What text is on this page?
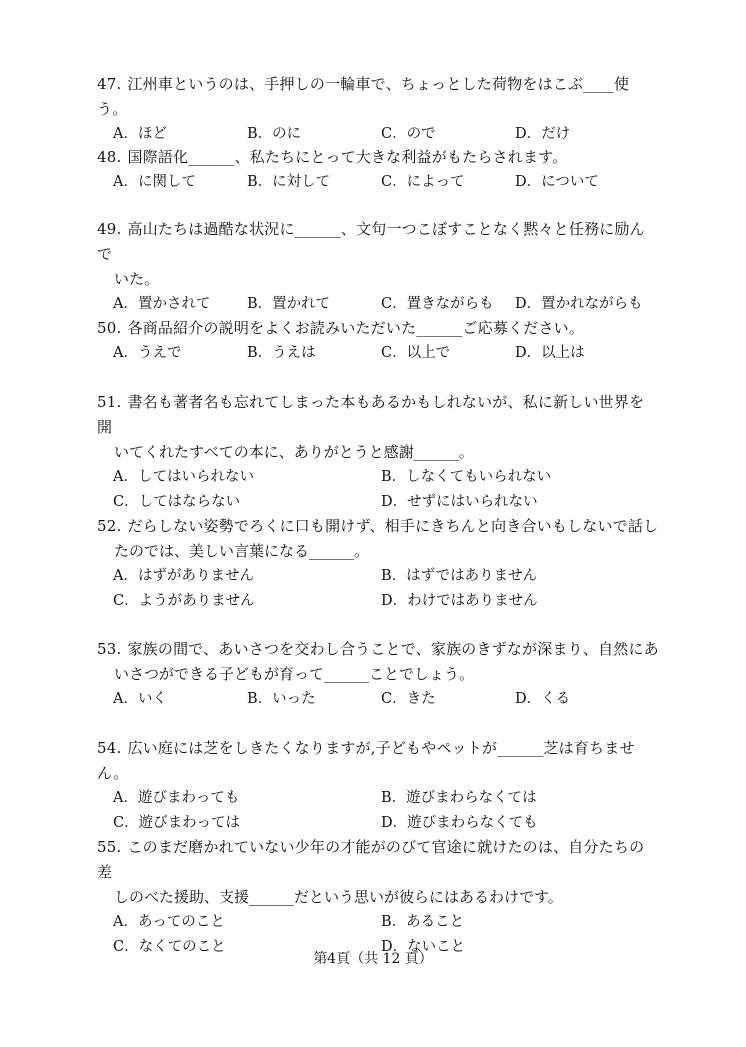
47. 江州車というのは、手押しの一輪車で、ちょっとした荷物をはこぶ____使う。
A．ほど	B．のに	C．ので	D．だけ
48. 国際語化______、私たちにとって大きな利益がもたらされます。
A．に関して	B．に対して	C．によって	D．について
49. 高山たちは過酷な状況に______、文句一つこぼすことなく黙々と任務に励んで
いた。
A．置かされて	B．置かれて	C．置きながらも	D．置かれながらも
50. 各商品紹介の説明をよくお読みいただいた______ご応募ください。
A．うえで	B．うえは	C．以上で	D．以上は
51. 書名も著者名も忘れてしまった本もあるかもしれないが、私に新しい世界を開
いてくれたすべての本に、ありがとうと感謝______。
A．してはいられない	B．しなくてもいられない
C．してはならない	D．せずにはいられない
52. だらしない姿勢でろくに口も開けず、相手にきちんと向き合いもしないで話し
たのでは、美しい言葉になる______。
A．はずがありません	B．はずではありません
C．ようがありません	D．わけではありません
53. 家族の間で、あいさつを交わし合うことで、家族のきずなが深まり、自然にあ
いさつができる子どもが育って______ことでしょう。
A．いく	B．いった	C．きた	D．くる
54. 広い庭には芝をしきたくなりますが,子どもやペットが______芝は育ちません。
A．遊びまわっても	B．遊びまわらなくては
C．遊びまわっては	D．遊びまわらなくても
55. このまだ磨かれていない少年の才能がのびて官途に就けたのは、自分たちの差
しのべた援助、支援______だという思いが彼らにはあるわけです。
A．あってのこと	B．あること
C．なくてのこと	D．ないこと
第4頁（共 12 頁）
